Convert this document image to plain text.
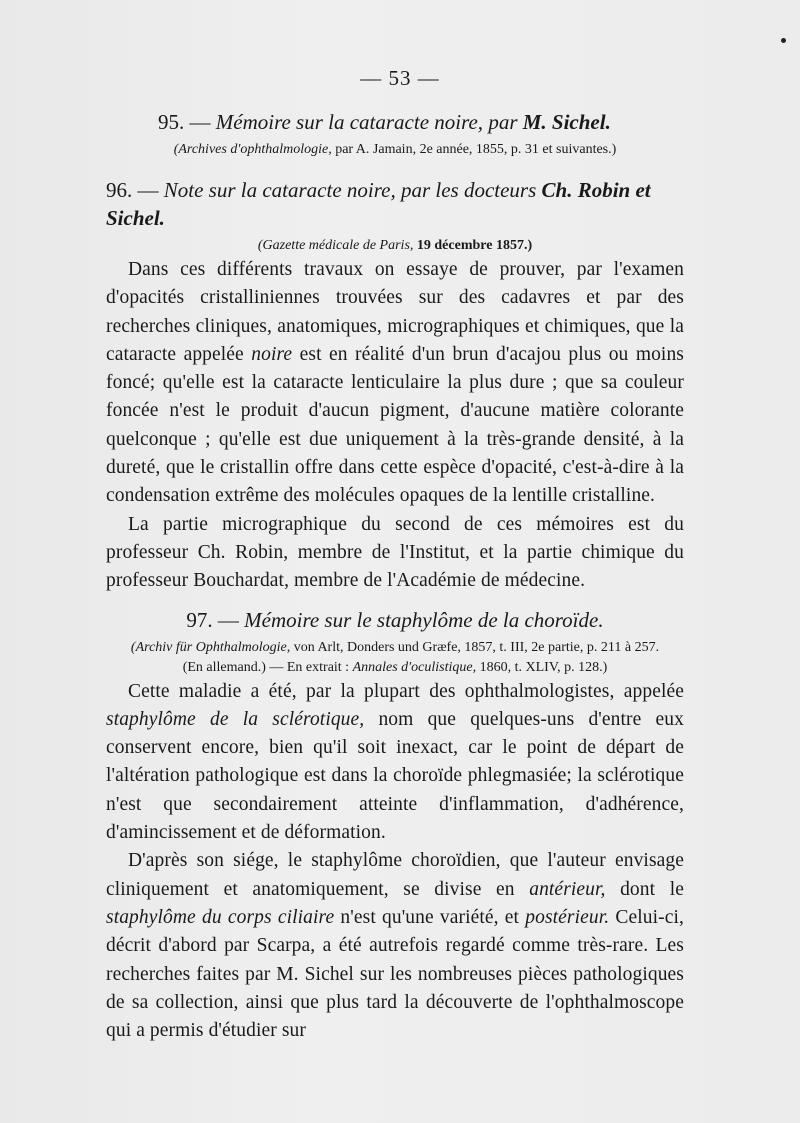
— 53 —

95. — Mémoire sur la cataracte noire, par M. Sichel.

(Archives d'ophthalmologie, par A. Jamain, 2e année, 1855, p. 31 et suivantes.)

96. — Note sur la cataracte noire, par les docteurs Ch. Robin et Sichel.

(Gazette médicale de Paris, 19 décembre 1857.)

Dans ces différents travaux on essaye de prouver, par l'examen d'opacités cristalliniennes trouvées sur des cadavres et par des recherches cliniques, anatomiques, micrographiques et chimiques, que la cataracte appelée noire est en réalité d'un brun d'acajou plus ou moins foncé; qu'elle est la cataracte lenticulaire la plus dure ; que sa couleur foncée n'est le produit d'aucun pigment, d'aucune matière colorante quelconque ; qu'elle est due uniquement à la très-grande densité, à la dureté, que le cristallin offre dans cette espèce d'opacité, c'est-à-dire à la condensation extrême des molécules opaques de la lentille cristalline.

La partie micrographique du second de ces mémoires est du professeur Ch. Robin, membre de l'Institut, et la partie chimique du professeur Bouchardat, membre de l'Académie de médecine.

97. — Mémoire sur le staphylôme de la choroïde.

(Archiv für Ophthalmologie, von Arlt, Donders und Græfe, 1857, t. III, 2e partie, p. 211 à 257.
(En allemand.) — En extrait : Annales d'oculistique, 1860, t. XLIV, p. 128.)

Cette maladie a été, par la plupart des ophthalmologistes, appelée staphylôme de la sclérotique, nom que quelques-uns d'entre eux conservent encore, bien qu'il soit inexact, car le point de départ de l'altération pathologique est dans la choroïde phlegmasiée; la sclérotique n'est que secondairement atteinte d'inflammation, d'adhérence, d'amincissement et de déformation.

D'après son siége, le staphylôme choroïdien, que l'auteur envisage cliniquement et anatomiquement, se divise en antérieur, dont le staphylôme du corps ciliaire n'est qu'une variété, et postérieur. Celui-ci, décrit d'abord par Scarpa, a été autrefois regardé comme très-rare. Les recherches faites par M. Sichel sur les nombreuses pièces pathologiques de sa collection, ainsi que plus tard la découverte de l'ophthalmoscope qui a permis d'étudier sur
